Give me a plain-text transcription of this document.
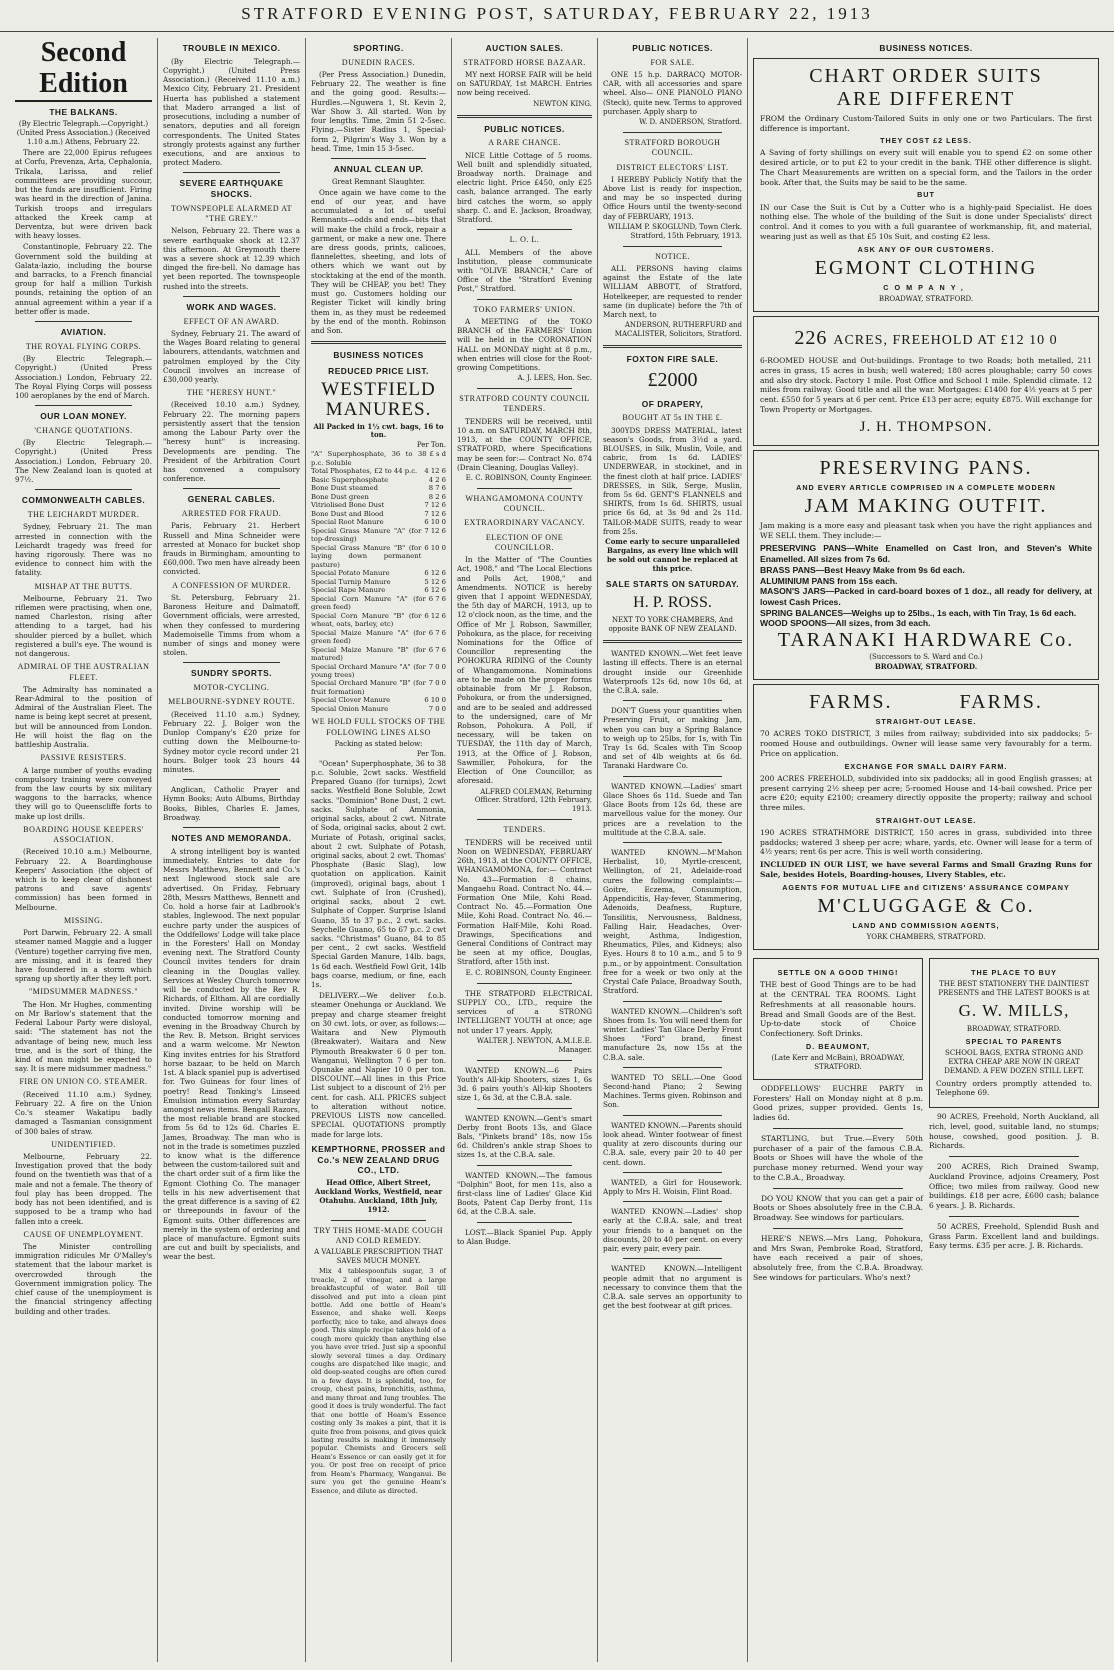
STRATFORD EVENING POST, SATURDAY, FEBRUARY 22, 1913
Second Edition
THE BALKANS.
(By Electric Telegraph.—Copyright.) (United Press Association.) (Received 1.10 a.m.) Athens, February 22.

There are 22,000 Epirus refugees at Corfu, Prevenza, Arta, Cephalonia, Trikala, Larissa, and relief committees are providing succour, but the funds are insufficient. Firing was heard in the direction of Janina. Turkish troops and irregulars attacked the Kreek camp at Derventza, but were driven back with heavy losses.

Constantinople, February 22. The Government sold the building at Galata-lazio, including the bourse and barracks, to a French financial group for half a million Turkish pounds, retaining the option of an annual agreement within a year if a better offer is made.

AVIATION.
THE ROYAL FLYING CORPS.

(By Electric Telegraph.—Copyright.) (United Press Association.) London, February 22. The Royal Flying Corps will possess 100 aeroplanes by the end of March.

OUR LOAN MONEY.
'CHANGE QUOTATIONS.

(By Electric Telegraph.—Copyright.) (United Press Association.) London, February 20. The New Zealand loan is quoted at 97½.

COMMONWEALTH CABLES.
THE LEICHARDT MURDER.

Sydney, February 21. The man arrested in connection with the Leichardt tragedy was freed for having rigorously. There was no evidence to connect him with the fatality.

MISHAP AT THE BUTTS.

Melbourne, February 21. Two riflemen were practising, when one, named Charleston, rising after attending to a target, had his shoulder pierced by a bullet, which registered a bull's eye. The wound is not dangerous.

ADMIRAL OF THE AUSTRALIAN FLEET.

The Admiralty has nominated a Rear-Admiral to the position of Admiral of the Australian Fleet. The name is being kept secret at present, but will be announced from London. He will hoist the flag on the battleship Australia.

PASSIVE RESISTERS.

A large number of youths evading compulsory training were conveyed from the law courts by six military waggons to the barracks, whence they will go to Queenscliffe forts to make up lost drills.

BOARDING HOUSE KEEPERS' ASSOCIATION.

(Received 10.10 a.m.) Melbourne, February 22. A Boardinghouse Keepers' Association (the object of which is to keep clear of dishonest patrons and save agents' commission) has been formed in Melbourne.

MISSING.

Port Darwin, February 22. A small steamer named Maggie and a lugger (Venture) together carrying five men, are missing, and it is feared they have foundered in a storm which sprang up shortly after they left port.

"MIDSUMMER MADNESS."

The Hon. Mr Hughes, commenting on Mr Barlow's statement that the Federal Labour Party were disloyal, said: "The statement has not the advantage of being new, much less true, and is the sort of thing, the kind of man might be expected to say. It is mere midsummer madness."

FIRE ON UNION CO. STEAMER.

(Received 11.10 a.m.) Sydney, February 22. A fire on the Union Co.'s steamer Wakatipu badly damaged a Tasmanian consignment of 300 bales of straw.

UNIDENTIFIED.

Melbourne, February 22. Investigation proved that the body found on the twentieth was that of a male and not a female. The theory of foul play has been dropped. The body has not been identified, and is supposed to be a tramp who had fallen into a creek.

CAUSE OF UNEMPLOYMENT.

The Minister controlling immigration ridicules Mr O'Malley's statement that the labour market is overcrowded through the Government immigration policy. The chief cause of the unemployment is the financial stringency affecting building and other trades.

TROUBLE IN MEXICO.

(By Electric Telegraph.—Copyright.) (United Press Association.) (Received 11.10 a.m.) Mexico City, February 21. President Huerta has published a statement that Madero arranged a list of prosecutions, including a number of senators, deputies and all foreign correspondents. The United States strongly protests against any further executions, and are anxious to protect Madero.

SEVERE EARTHQUAKE SHOCKS.
TOWNSPEOPLE ALARMED AT "THE GREY."

Nelson, February 22. There was a severe earthquake shock at 12.37 this afternoon. At Greymouth there was a severe shock at 12.39 which dinged the fire-bell. No damage has yet been reported. The townspeople rushed into the streets.

WORK AND WAGES.
EFFECT OF AN AWARD.

Sydney, February 21. The award of the Wages Board relating to general labourers, attendants, watchmen and patrolmen employed by the City Council involves an increase of £30,000 yearly.

THE "HERESY HUNT."

(Received 10.10 a.m.) Sydney, February 22. The morning papers persistently assert that the tension among the Labour Party over the "heresy hunt" is increasing. Developments are pending. The President of the Arbitration Court has convened a compulsory conference.

GENERAL CABLES.
ARRESTED FOR FRAUD.

Paris, February 21. Herbert Russell and Mina Schneider were arrested at Monaco for bucket shop frauds in Birmingham, amounting to £60,000. Two men have already been convicted.

A CONFESSION OF MURDER.

St. Petersburg, February 21. Baroness Heiture and Dalmatoff, Government officials, were arrested, when they confessed to murdering Mademoiselle Timms from whom a number of sings and money were stolen.

SUNDRY SPORTS.
MOTOR-CYCLING.
MELBOURNE-SYDNEY ROUTE.

(Received 11.10 a.m.) Sydney, February 22. J. Bolger won the Dunlop Company's £20 prize for cutting down the Melbourne-to-Sydney motor cycle record under 21 hours. Bolger took 23 hours 44 minutes.

Anglican, Catholic Prayer and Hymn Books; Auto Albums, Birthday Books, Bibles, Charles E. James, Broadway.

NOTES AND MEMORANDA.

A strong intelligent boy is wanted immediately. Entries to date for Messrs Matthews, Bennett and Co.'s next Inglewood stock sale are advertised. On Friday, February 28th, Messrs Matthews, Bennett and Co. hold a horse fair at Ladbrook's stables, Inglewood. The next popular euchre party under the auspices of the Oddfellows' Lodge will take place in the Foresters' Hall on Monday evening next. The Stratford County Council invites tenders for drain cleaning in the Douglas valley. Services at Wesley Church tomorrow will be conducted by the Rev R. Richards, of Eltham. All are cordially invited. Divine worship will be conducted tomorrow morning and evening in the Broadway Church by the Rev. B. Metson. Bright services and a warm welcome. Mr Newton King invites entries for his Stratford horse bazaar, to be held on March 1st. A black spaniel pup is advertised for. Two Guineas for four lines of poetry! Read Tonking's Linseed Emulsion intimation every Saturday amongst news items. Bengall Razors, the most reliable brand are stocked from 5s 6d to 12s 6d. Charles E. James, Broadway. The man who is not in the trade is sometimes puzzled to know what is the difference between the custom-tailored suit and the chart order suit of a firm like the Egmont Clothing Co. The manager tells in his new advertisement that the great difference is a saving of £2 or threepounds in favour of the Egmont suits. Other differences are merely in the system of ordering and place of manufacture. Egmont suits are cut and built by specialists, and wear the best.

SPORTING.
DUNEDIN RACES.

(Per Press Association.) Dunedin, February 22. The weather is fine and the going good. Results:— Hurdles.—Nguwera 1, St. Kevin 2, War Show 3. All started. Won by four lengths. Time, 2min 51 2-5sec. Flying.—Sister Radius 1, Special-form 2, Pilgrim's Way 3. Won by a head. Time, 1min 15 3-5sec.

ANNUAL CLEAN UP.
Great Remnant Slaughter.

Once again we have come to the end of our year, and have accumulated a lot of useful Remnants—odds and ends—bits that will make the child a frock, repair a garment, or make a new one. There are dress goods, prints, calicoes, flannelettes, sheeting, and lots of others which we want out by stocktaking at the end of the month. They will be CHEAP, you bet! They must go. Customers holding our Register Ticket will kindly bring them in, as they must be redeemed by the end of the month. Robinson and Son.

BUSINESS NOTICES
REDUCED PRICE LIST.
WESTFIELD MANURES.
All Packed in 1½ cwt. bags, 16 to ton.
Per Ton.
"A" Superphosphate, 36 to 38 p.c. Soluble
£ s d
Total Phosphates, £2 to 44 p.c.	4 12 6
Basic Superphosphate	4 2 6
Bone Dust steamed	8 7 6
Bone Dust green	8 2 6
Vitriolised Bone Dust	7 12 6
Bone Dust and Blood	7 12 6
Special Root Manure	6 10 0
Special Grass Manure "A" (for top-dressing)
7 12 6
Special Grass Manure "B" (for laying down permanent pasture)
6 10 0
Special Potato Manure	6 12 6
Special Turnip Manure	5 12 6
Special Rape Manure	6 12 6
Special Corn Manure "A" (for green feed)
6 7 6
Special Corn Manure "B" (for wheat, oats, barley, etc)
6 12 6
Special Maize Manure "A" (for green feed)
6 7 6
Special Maize Manure "B" (for matured)
6 7 6
Special Orchard Manure "A" (for young trees)
7 0 0
Special Orchard Manure "B" (for fruit formation)
7 0 0
Special Clover Manure	6 10 0
Special Onion Manure	7 0 0
WE HOLD FULL STOCKS OF THE FOLLOWING LINES ALSO
Packing as stated below:
Per Ton.

"Ocean" Superphosphate, 36 to 38 p.c. Soluble, 2cwt sacks. Westfield Prepared Guano (for turnips), 2cwt sacks. Westfield Bone Soluble, 2cwt sacks. "Dominion" Bone Dust, 2 cwt. sacks. Sulphate of Ammonia, original sacks, about 2 cwt. Nitrate of Soda, original sacks, about 2 cwt. Muriate of Potash, original sacks, about 2 cwt. Sulphate of Potash, original sacks, about 2 cwt. Thomas' Phosphate (Basic Slag), low quotation on application. Kainit (improved), original bags, about 1 cwt. Sulphate of Iron (Crushed), original sacks, about 2 cwt. Sulphate of Copper. Surprise Island Guano, 35 to 37 p.c., 2 cwt. sacks. Seychelle Guano, 65 to 67 p.c. 2 cwt sacks. "Christmas" Guano, 84 to 85 per cent., 2 cwt sacks. Westfield Special Garden Manure, 14lb. bags, 1s 6d each. Westfield Fowl Grit, 14lb bags coarse, medium, or fine, each 1s.

DELIVERY.—We deliver f.o.b. steamer Onehunga or Auckland. We prepay and charge steamer freight on 30 cwt. lots, or over, as follows:— Waitara and New Plymouth (Breakwater). Waitara and New Plymouth Breakwater 6 0 per ton. Wanganui, Wellington 7 6 per ton. Opunake and Napier 10 0 per ton. DISCOUNT.—All lines in this Price List subject to a discount of 2½ per cent. for cash. ALL PRICES subject to alteration without notice. PREVIOUS LISTS now cancelled. SPECIAL QUOTATIONS promptly made for large lots.

KEMPTHORNE, PROSSER and Co.'s NEW ZEALAND DRUG CO., LTD.
Head Office, Albert Street, Auckland Works, Westfield, near Otahuhu. Auckland, 18th July, 1912.
TRY THIS HOME-MADE COUGH AND COLD REMEDY.
A VALUABLE PRESCRIPTION THAT SAVES MUCH MONEY.

Mix 4 tablespoonfuls sugar, 3 of treacle, 2 of vinegar, and a large breakfastcupful of water. Boil till dissolved and put into a clean pint bottle. Add one bottle of Heam's Essence, and shake well. Keeps perfectly, nice to take, and always does good. This simple recipe takes hold of a cough more quickly than anything else you have ever tried. Just sip a spoonful slowly several times a day. Ordinary coughs are dispatched like magic, and old deep-seated coughs are often cured in a few days. It is splendid, too, for croup, chest pains, bronchitis, asthma, and many throat and lung troubles. The good it does is truly wonderful. The fact that one bottle of Heam's Essence costing only 3s makes a pint, that it is quite free from poisons, and gives quick lasting results is making it immensely popular. Chemists and Grocers sell Heam's Essence or can easily get it for you. Or post free on receipt of price from Heam's Pharmacy, Wanganui. Be sure you get the genuine Heam's Essence, and dilute as directed.

AUCTION SALES.
STRATFORD HORSE BAZAAR.

MY next HORSE FAIR will be held on SATURDAY, 1st MARCH. Entries now being received.

NEWTON KING.
PUBLIC NOTICES.
A RARE CHANCE.

NICE Little Cottage of 5 rooms. Well built and splendidly situated, Broadway north. Drainage and electric light. Price £450, only £25 cash, balance arranged. The early bird catches the worm, so apply sharp. C. and E. Jackson, Broadway, Stratford.

L. O. L.

ALL Members of the above Institution, please communicate with "OLIVE BRANCH," Care of Office of the "Stratford Evening Post," Stratford.

TOKO FARMERS' UNION.

A MEETING of the TOKO BRANCH of the FARMERS' Union will be held in the CORONATION HALL on MONDAY night at 8 p.m., when entries will close for the Root-growing Competitions.

A. J. LEES, Hon. Sec.
STRATFORD COUNTY COUNCIL TENDERS.

TENDERS will be received, until 10 a.m. on SATURDAY, MARCH 8th, 1913, at the COUNTY OFFICE, STRATFORD, where Specifications may be seen for:— Contract No. 874 (Drain Cleaning, Douglas Valley).

E. C. ROBINSON, County Engineer.
WHANGAMOMONA COUNTY COUNCIL.
EXTRAORDINARY VACANCY.
ELECTION OF ONE COUNCILLOR.

In the Matter of "The Counties Act, 1908," and "The Local Elections and Polls Act, 1908," and Amendments. NOTICE is hereby given that I appoint WEDNESDAY, the 5th day of MARCH, 1913, up to 12 o'clock noon, as the time, and the Office of Mr J. Robson, Sawmiller, Pohokura, as the place, for receiving Nominations for the Office of Councillor representing the POHOKURA RIDING of the County of Whangamomona. Nominations are to be made on the proper forms obtainable from Mr J. Robson, Pohokura, or from the undersigned, and are to be sealed and addressed to the undersigned, care of Mr Robson, Pohokura. A Poll, if necessary, will be taken on TUESDAY, the 11th day of March, 1913, at the Office of J. Robson, Sawmiller, Pohokura, for the Election of One Councillor, as aforesaid.

ALFRED COLEMAN, Returning Officer. Stratford, 12th February, 1913.
TENDERS.

TENDERS will be received until Noon on WEDNESDAY, FEBRUARY 26th, 1913, at the COUNTY OFFICE, WHANGAMOMONA, for:— Contract No. 43—Formation 8 chains, Mangaehu Road. Contract No. 44.—Formation One Mile, Kohi Road. Contract No. 45.—Formation One Mile, Kohi Road. Contract No. 46.—Formation Half-Mile, Kohi Road. Drawings, Specifications and General Conditions of Contract may be seen at my office, Douglas, Stratford, after 15th inst.

E. C. ROBINSON, County Engineer.

THE STRATFORD ELECTRICAL SUPPLY CO., LTD., require the services of a STRONG INTELLIGENT YOUTH at once; age not under 17 years. Apply,

WALTER J. NEWTON, A.M.I.E.E. Manager.

WANTED KNOWN.—6 Pairs Youth's All-kip Shooters, sizes 1, 6s 3d. 6 pairs youth's All-kip Shooters size 1, 6s 3d, at the C.B.A. sale.

WANTED KNOWN.—Gent's smart Derby front Boots 13s, and Glace Bals, "Pinkets brand" 18s, now 15s 6d. Children's ankle strap Shoes to sizes 1s, at the C.B.A. sale.

WANTED KNOWN.—The famous "Dolphin" Boot, for men 11s, also a first-class line of Ladies' Glace Kid Boots, Patent Cap Derby front, 11s 6d, at the C.B.A. sale.

LOST.—Black Spaniel Pup. Apply to Alan Budge.

PUBLIC NOTICES.
FOR SALE.

ONE 15 h.p. DARRACQ MOTOR-CAR, with all accessories and spare wheel. Also— ONE PIANOLO PIANO (Steck), quite new. Terms to approved purchaser. Apply sharp to

W. D. ANDERSON, Stratford.
STRATFORD BOROUGH COUNCIL.
DISTRICT ELECTORS' LIST.

I HEREBY Publicly Notify that the Above List is ready for inspection, and may be so inspected during Office Hours until the twenty-second day of FEBRUARY, 1913.

WILLIAM P. SKOGLUND, Town Clerk. Stratford, 15th February, 1913.
NOTICE.

ALL PERSONS having claims against the Estate of the late WILLIAM ABBOTT, of Stratford, Hotelkeeper, are requested to render same (in duplicate) before the 7th of March next, to

ANDERSON, RUTHERFURD and MACALISTER, Solicitors, Stratford.
FOXTON FIRE SALE.
£2000
OF DRAPERY,
BOUGHT AT 5s IN THE £.

300YDS DRESS MATERIAL, latest season's Goods, from 3½d a yard. BLOUSES, in Silk, Muslin, Voile, and cabric, from 1s 6d. LADIES' UNDERWEAR, in stockinet, and in the finest cloth at half price. LADIES' DRESSES, in Silk, Serge, Muslin, from 5s 6d. GENT'S FLANNELS and SHIRTS, from 1s 6d. SHIRTS, usual price 6s 6d, at 3s 9d and 2s 11d. TAILOR-MADE SUITS, ready to wear from 25s.

Come early to secure unparalleled Bargains, as every line which will be sold out cannot be replaced at this price.
SALE STARTS ON SATURDAY.
H. P. ROSS.
NEXT TO YORK CHAMBERS, And opposite BANK OF NEW ZEALAND.

WANTED KNOWN.—Wet feet leave lasting ill effects. There is an eternal drought inside our Greenhide Waterproofs 12s 6d, now 10s 6d, at the C.B.A. sale.

DON'T Guess your quantities when Preserving Fruit, or making Jam, when you can buy a Spring Balance to weigh up to 25lbs, for 1s, with Tin Tray 1s 6d. Scales with Tin Scoop and set of 4lb weights at 6s 6d. Taranaki Hardware Co.

WANTED KNOWN.—Ladies' smart Glace Shoes 6s 11d. Suede and Tan Glace Boots from 12s 6d, these are marvellous value for the money. Our prices are a revelation to the multitude at the C.B.A. sale.

WANTED KNOWN.—M'Mahon Herbalist, 10, Myrtle-crescent, Wellington, of 21, Adelaide-road cures the following complaints:—Goitre, Eczema, Consumption, Appendicitis, Hay-fever, Stammering, Adenoids, Deafness, Rupture, Tonsilitis, Nervousness, Baldness, Falling Hair, Headaches, Over-weight, Asthma, Indigestion, Rheumatics, Piles, and Kidneys; also Eyes. Hours 8 to 10 a.m., and 5 to 9 p.m., or by appointment. Consultation free for a week or two only at the Crystal Cafe Palace, Broadway South, Stratford.

WANTED KNOWN.—Children's soft Shoes from 1s. You will need them for winter. Ladies' Tan Glace Derby Front Shoes "Ford" brand, finest manufacture 2s, now 15s at the C.B.A. sale.

WANTED TO SELL.—One Good Second-hand Piano; 2 Sewing Machines. Terms given. Robinson and Son.

WANTED KNOWN.—Parents should look ahead. Winter footwear of finest quality at zero discounts during our C.B.A. sale, every pair 20 to 40 per cent. down.

WANTED, a Girl for Housework. Apply to Mrs H. Woisin, Flint Road.

WANTED KNOWN.—Ladies' shop early at the C.B.A. sale, and treat your friends to a banquet on the discounts, 20 to 40 per cent. on every pair, every pair, every pair.

WANTED KNOWN.—Intelligent people admit that no argument is necessary to convince them that the C.B.A. sale serves an opportunity to get the best footwear at gift prices.

BUSINESS NOTICES.
CHART ORDER SUITS
ARE DIFFERENT
FROM the Ordinary Custom-Tailored Suits in only one or two Particulars. The first difference is important.
THEY COST £2 LESS.
A Saving of forty shillings on every suit will enable you to spend £2 on some other desired article, or to put £2 to your credit in the bank. THE other difference is slight. The Chart Measurements are written on a special form, and the Tailors in the order book. After that, the Suits may be said to be the same.
BUT
IN our Case the Suit is Cut by a Cutter who is a highly-paid Specialist. He does nothing else. The whole of the building of the Suit is done under Specialists' direct control. And it comes to you with a full guarantee of workmanship, fit, and material, wearing just as well as that £5 10s Suit, and costing £2 less.
ASK ANY OF OUR CUSTOMERS.
EGMONT CLOTHING
COMPANY,
BROADWAY, STRATFORD.
226 ACRES, FREEHOLD AT £12 10 0
6-ROOMED HOUSE and Out-buildings. Frontage to two Roads; both metalled, 211 acres in grass, 15 acres in bush; well watered; 180 acres ploughable; carry 50 cows and also dry stock. Factory 1 mile. Post Office and School 1 mile. Splendid climate. 12 miles from railway. Good title and all the war. Mortgages: £1400 for 4½ years at 5 per cent. £550 for 5 years at 6 per cent. Price £13 per acre; equity £875. Will exchange for Town Property or Mortgages.
J. H. THOMPSON.
PRESERVING PANS.
AND EVERY ARTICLE COMPRISED IN A COMPLETE MODERN
JAM MAKING OUTFIT.
Jam making is a more easy and pleasant task when you have the right appliances and WE SELL them. They include:—
PRESERVING PANS—White Enamelled on Cast Iron, and Steven's White Enamelled. All sizes from 7s 6d.
BRASS PANS—Best Heavy Make from 9s 6d each.
ALUMINIUM PANS from 15s each.
MASON'S JARS—Packed in card-board boxes of 1 doz., all ready for delivery, at lowest Cash Prices.
SPRING BALANCES—Weighs up to 25lbs., 1s each, with Tin Tray, 1s 6d each.
WOOD SPOONS—All sizes, from 3d each.
TARANAKI HARDWARE Co.
(Successors to S. Ward and Co.)
BROADWAY, STRATFORD.
FARMS. FARMS.
STRAIGHT-OUT LEASE.
70 ACRES TOKO DISTRICT, 3 miles from railway; subdivided into six paddocks; 5-roomed House and outbuildings. Owner will lease same very favourably for a term. Price on application.
EXCHANGE FOR SMALL DAIRY FARM.
200 ACRES FREEHOLD, subdivided into six paddocks; all in good English grasses; at present carrying 2½ sheep per acre; 5-roomed House and 14-bail cowshed. Price per acre £20; equity £2100; creamery directly opposite the property; railway and school three miles.
STRAIGHT-OUT LEASE.
190 ACRES STRATHMORE DISTRICT, 150 acres in grass, subdivided into three paddocks; watered 3 sheep per acre; whare, yards, etc. Owner will lease for a term of 4½ years; rent 6s per acre. This is well worth considering.
INCLUDED IN OUR LIST, we have several Farms and Small Grazing Runs for Sale, besides Hotels, Boarding-houses, Livery Stables, etc.
AGENTS FOR MUTUAL LIFE and CITIZENS' ASSURANCE COMPANY
M'CLUGGAGE & Co.
LAND AND COMMISSION AGENTS,
YORK CHAMBERS, STRATFORD.
SETTLE ON A GOOD THING!
THE best of Good Things are to be had at the CENTRAL TEA ROOMS. Light Refreshments at all reasonable hours. Bread and Small Goods are of the Best. Up-to-date stock of Choice Confectionery. Soft Drinks.
D. BEAUMONT,
(Late Kerr and McBain), BROADWAY, STRATFORD.

ODDFELLOWS' EUCHRE PARTY in Foresters' Hall on Monday night at 8 p.m. Good prizes, supper provided. Gents 1s, ladies 6d.

STARTLING, but True.—Every 50th purchaser of a pair of the famous C.B.A. Boots or Shoes will have the whole of the purchase money returned. Wend your way to the C.B.A., Broadway.

DO YOU KNOW that you can get a pair of Boots or Shoes absolutely free in the C.B.A. Broadway. See windows for particulars.

HERE'S NEWS.—Mrs Lang, Pohokura, and Mrs Swan, Pembroke Road, Stratford, have each received a pair of shoes, absolutely free, from the C.B.A. Broadway. See windows for particulars. Who's next?

THE PLACE TO BUY
THE BEST STATIONERY THE DAINTIEST PRESENTS and THE LATEST BOOKS is at
G. W. MILLS,
BROADWAY, STRATFORD.
SPECIAL TO PARENTS
SCHOOL BAGS, EXTRA STRONG AND EXTRA CHEAP ARE NOW IN GREAT DEMAND. A FEW DOZEN STILL LEFT.
Country orders promptly attended to. Telephone 69.

90 ACRES, Freehold, North Auckland, all rich, level, good, suitable land, no stumps; house, cowshed, good position. J. B. Richards.

200 ACRES, Rich Drained Swamp, Auckland Province, adjoins Creamery, Post Office; two miles from railway. Good new buildings. £18 per acre, £600 cash; balance 6 years. J. B. Richards.

50 ACRES, Freehold, Splendid Bush and Grass Farm. Excellent land and buildings. Easy terms. £35 per acre. J. B. Richards.
